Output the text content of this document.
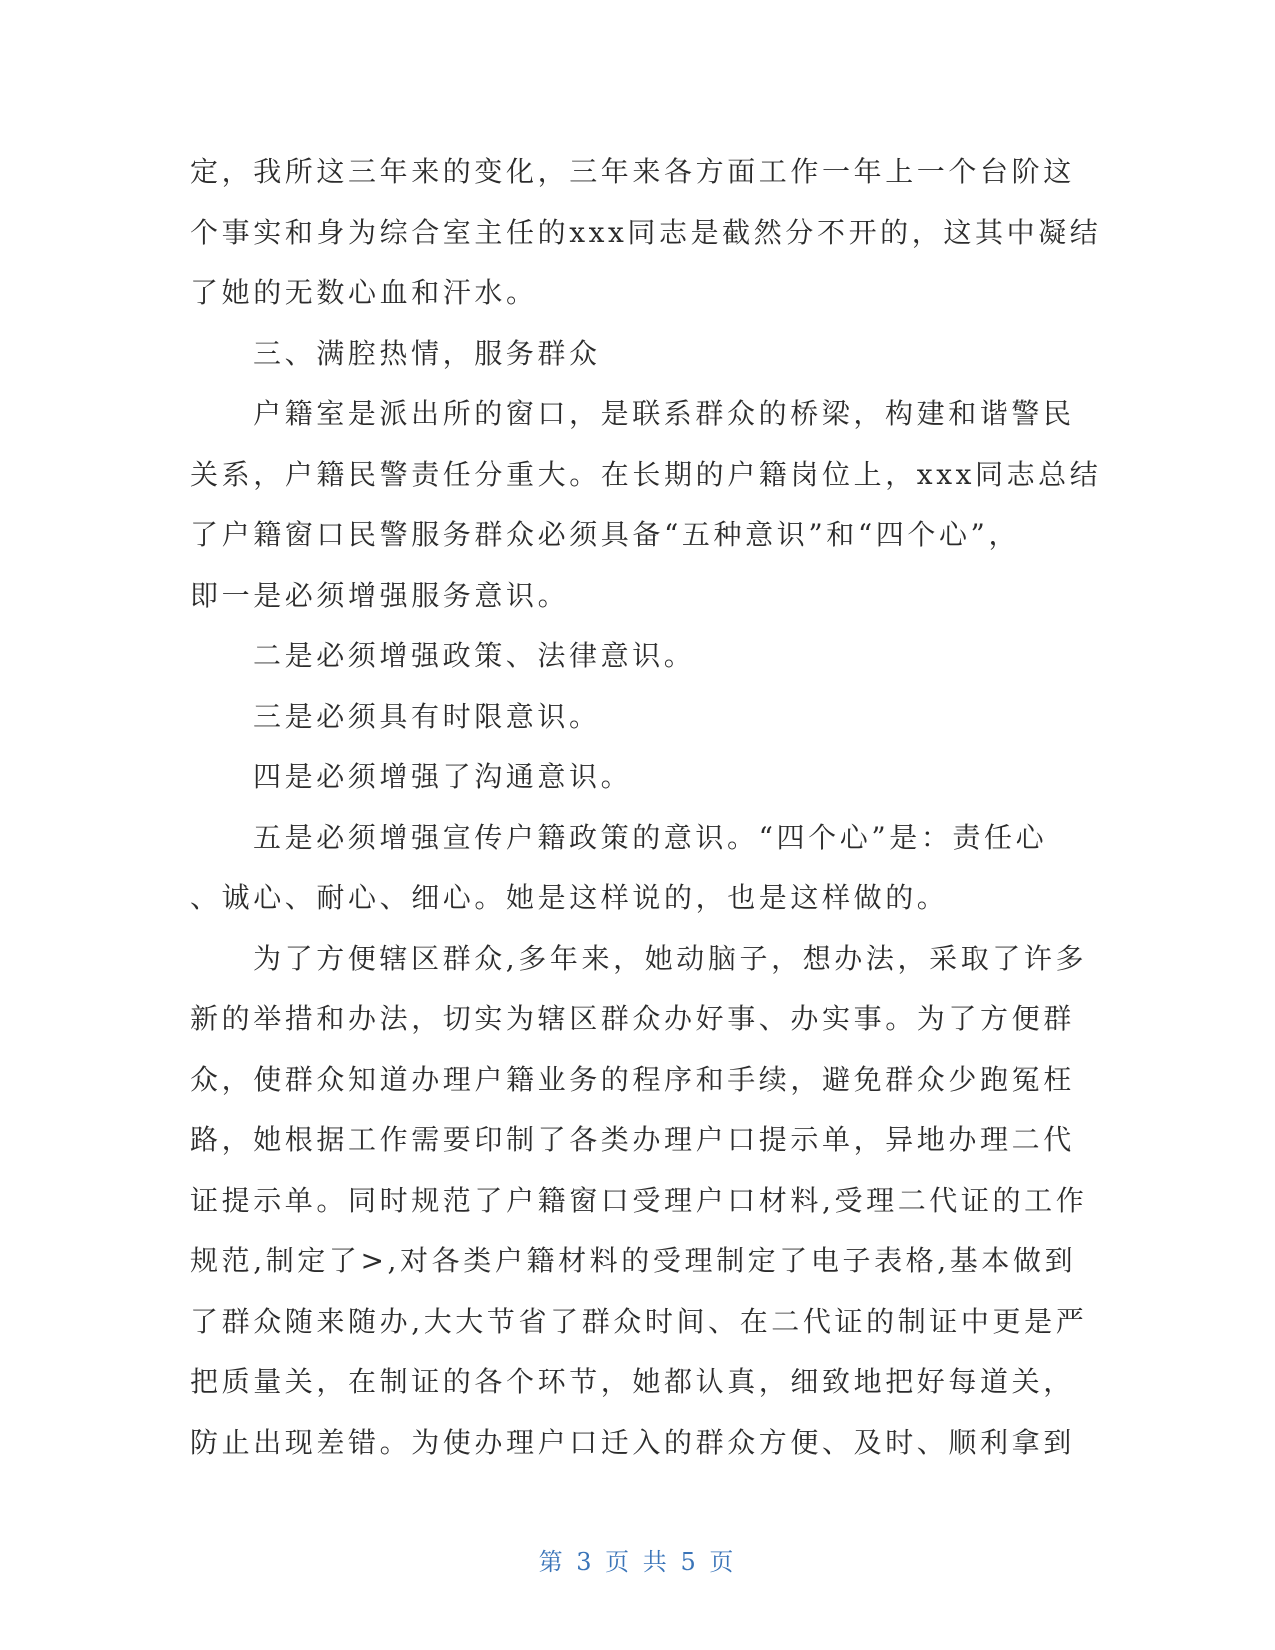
定，我所这三年来的变化，三年来各方面工作一年上一个台阶这
个事实和身为综合室主任的xxx同志是截然分不开的，这其中凝结
了她的无数心血和汗水。
三、满腔热情，服务群众
户籍室是派出所的窗口，是联系群众的桥梁，构建和谐警民
关系，户籍民警责任分重大。在长期的户籍岗位上，xxx同志总结
了户籍窗口民警服务群众必须具备“五种意识”和“四个心”，
即一是必须增强服务意识。
二是必须增强政策、法律意识。
三是必须具有时限意识。
四是必须增强了沟通意识。
五是必须增强宣传户籍政策的意识。“四个心”是：责任心
、诚心、耐心、细心。她是这样说的，也是这样做的。
为了方便辖区群众,多年来，她动脑子，想办法，采取了许多
新的举措和办法，切实为辖区群众办好事、办实事。为了方便群
众，使群众知道办理户籍业务的程序和手续，避免群众少跑冤枉
路，她根据工作需要印制了各类办理户口提示单，异地办理二代
证提示单。同时规范了户籍窗口受理户口材料,受理二代证的工作
规范,制定了>,对各类户籍材料的受理制定了电子表格,基本做到
了群众随来随办,大大节省了群众时间、在二代证的制证中更是严
把质量关，在制证的各个环节，她都认真，细致地把好每道关，
防止出现差错。为使办理户口迁入的群众方便、及时、顺利拿到
第 3 页 共 5 页
